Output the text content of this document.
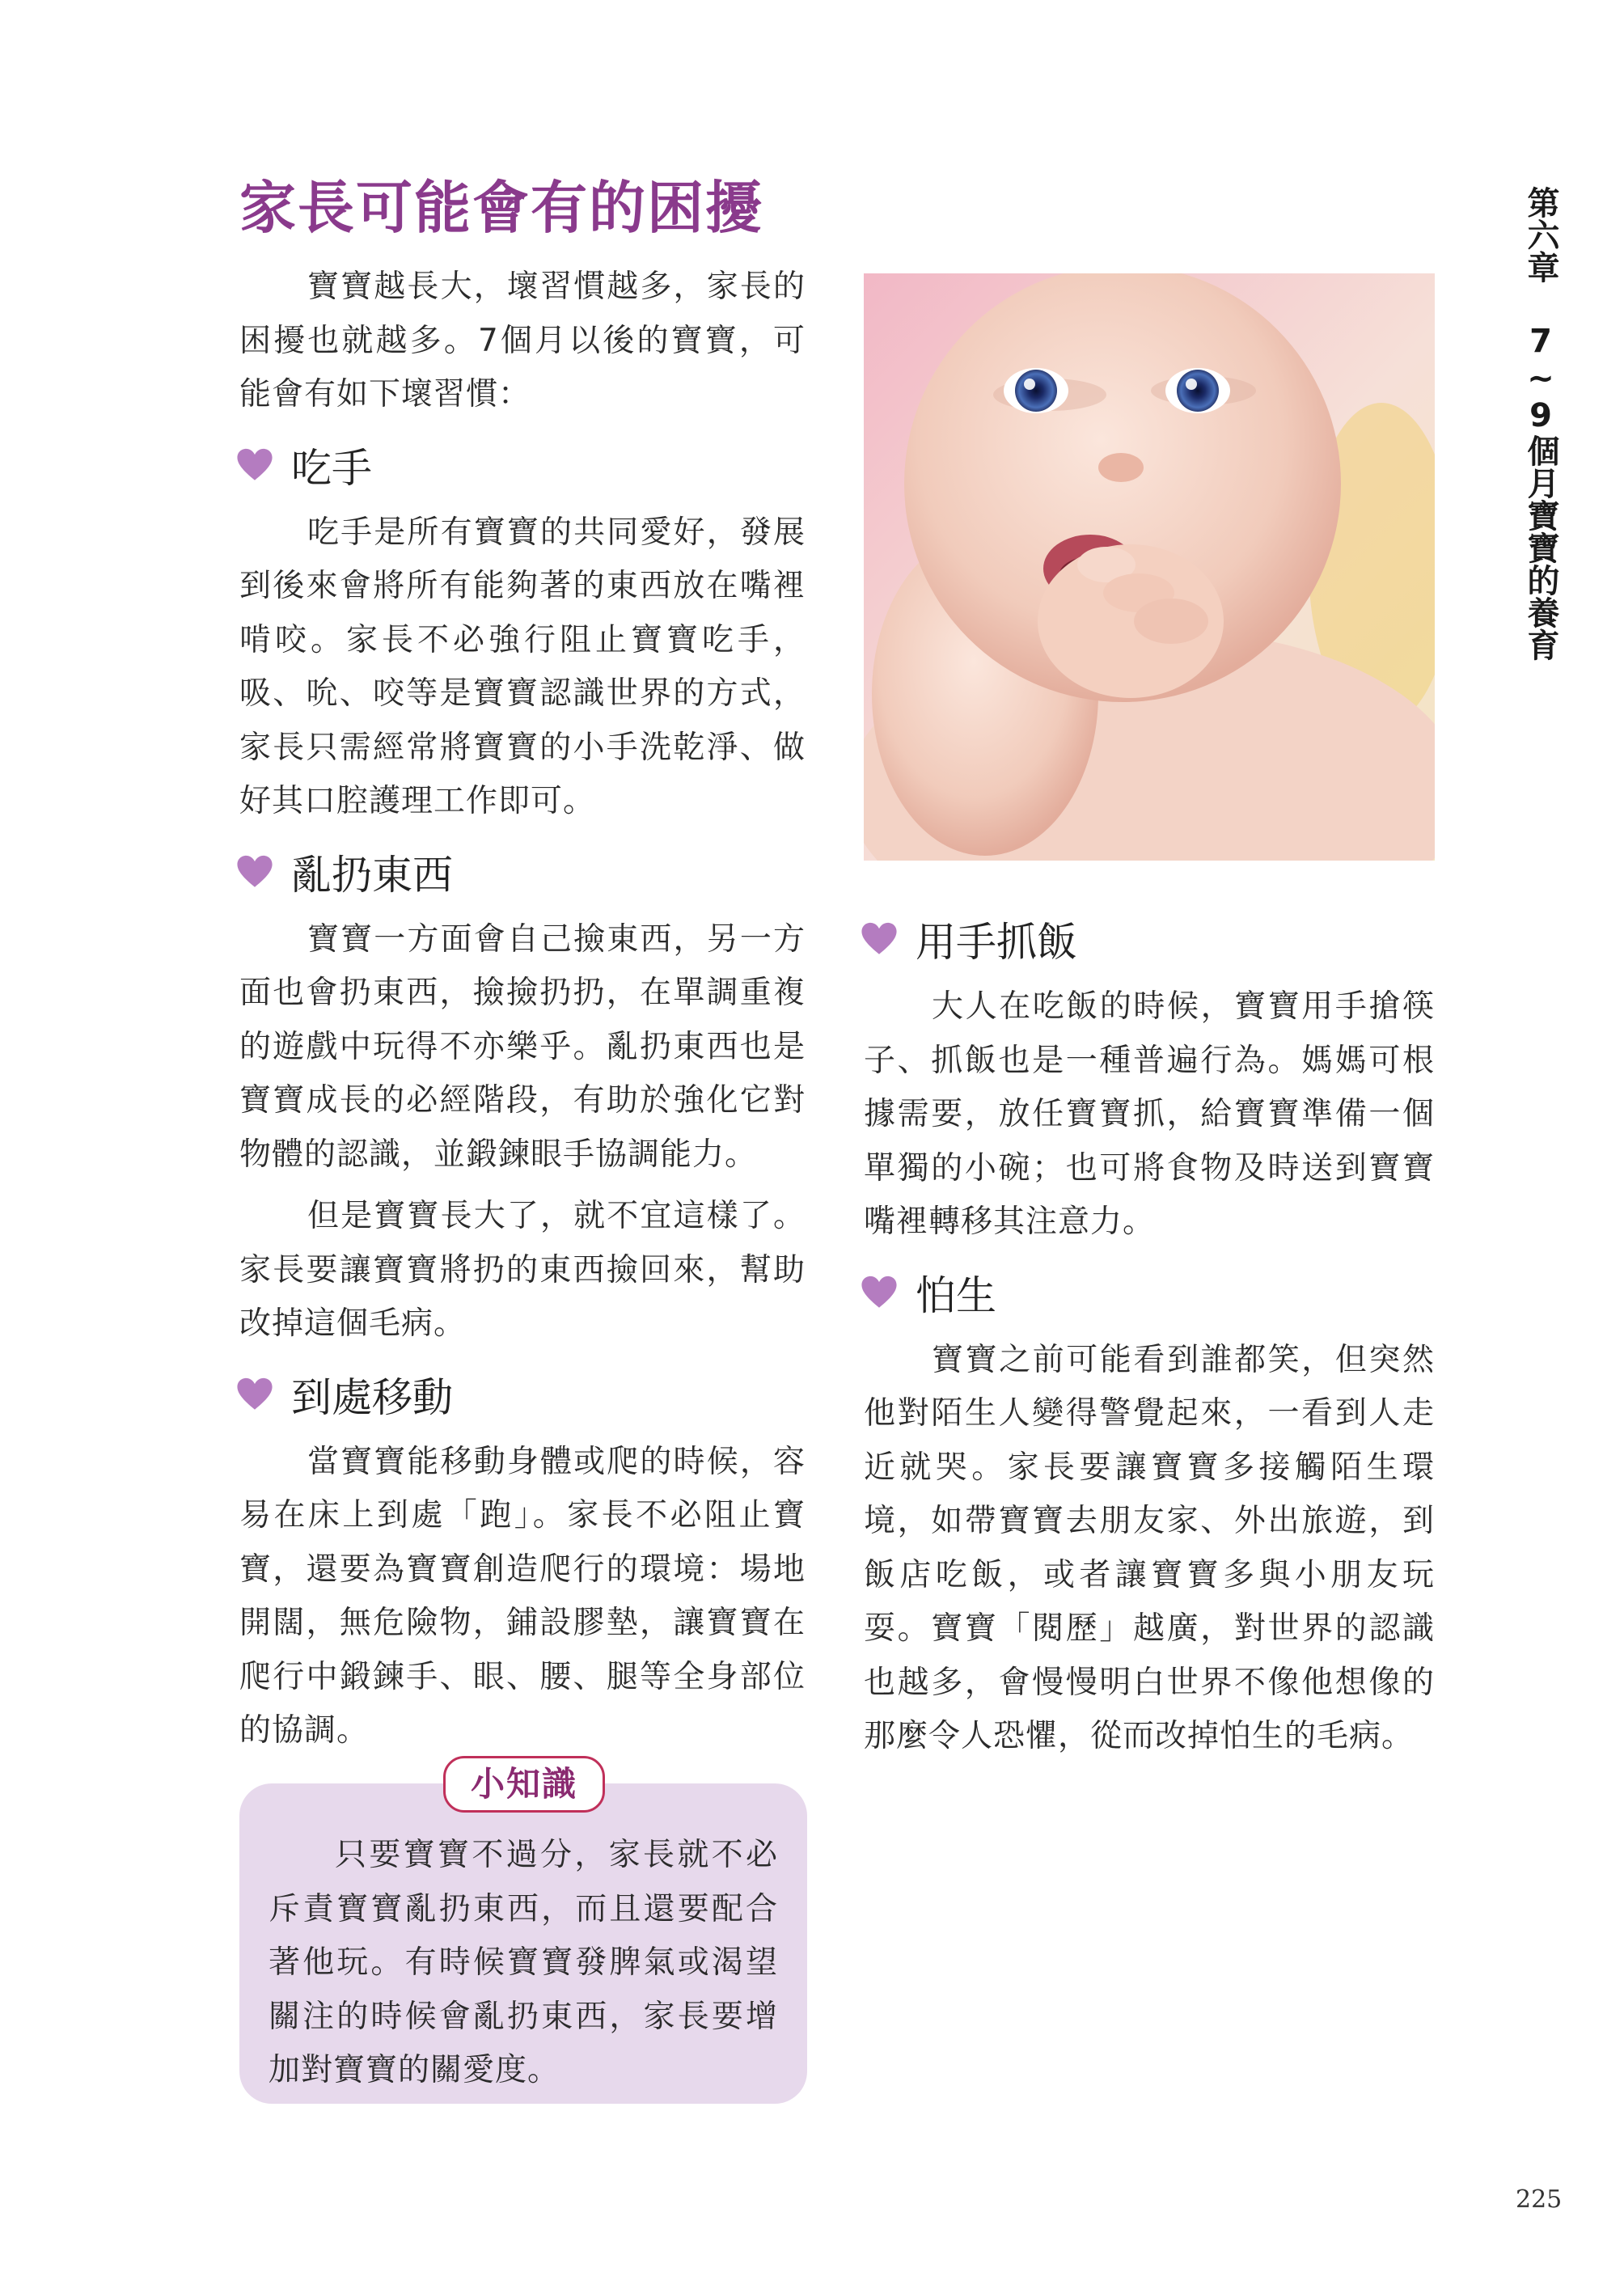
家長可能會有的困擾

寶寶越長大，壞習慣越多，家長的困擾也就越多。7個月以後的寶寶，可能會有如下壞習慣：

吃手

吃手是所有寶寶的共同愛好，發展到後來會將所有能夠著的東西放在嘴裡啃咬。家長不必強行阻止寶寶吃手，吸、吮、咬等是寶寶認識世界的方式，家長只需經常將寶寶的小手洗乾淨、做好其口腔護理工作即可。

亂扔東西

寶寶一方面會自己撿東西，另一方面也會扔東西，撿撿扔扔，在單調重複的遊戲中玩得不亦樂乎。亂扔東西也是寶寶成長的必經階段，有助於強化它對物體的認識，並鍛鍊眼手協調能力。

但是寶寶長大了，就不宜這樣了。家長要讓寶寶將扔的東西撿回來，幫助改掉這個毛病。

到處移動

當寶寶能移動身體或爬的時候，容易在床上到處「跑」。家長不必阻止寶寶，還要為寶寶創造爬行的環境：場地開闊，無危險物，鋪設膠墊，讓寶寶在爬行中鍛鍊手、眼、腰、腿等全身部位的協調。

小知識

只要寶寶不過分，家長就不必斥責寶寶亂扔東西，而且還要配合著他玩。有時候寶寶發脾氣或渴望關注的時候會亂扔東西，家長要增加對寶寶的關愛度。

用手抓飯

大人在吃飯的時候，寶寶用手搶筷子、抓飯也是一種普遍行為。媽媽可根據需要，放任寶寶抓，給寶寶準備一個單獨的小碗；也可將食物及時送到寶寶嘴裡轉移其注意力。

怕生

寶寶之前可能看到誰都笑，但突然他對陌生人變得警覺起來，一看到人走近就哭。家長要讓寶寶多接觸陌生環境，如帶寶寶去朋友家、外出旅遊，到飯店吃飯，或者讓寶寶多與小朋友玩耍。寶寶「閱歷」越廣，對世界的認識也越多，會慢慢明白世界不像他想像的那麼令人恐懼，從而改掉怕生的毛病。

第六章
7~9個月寶寶的養育
225
